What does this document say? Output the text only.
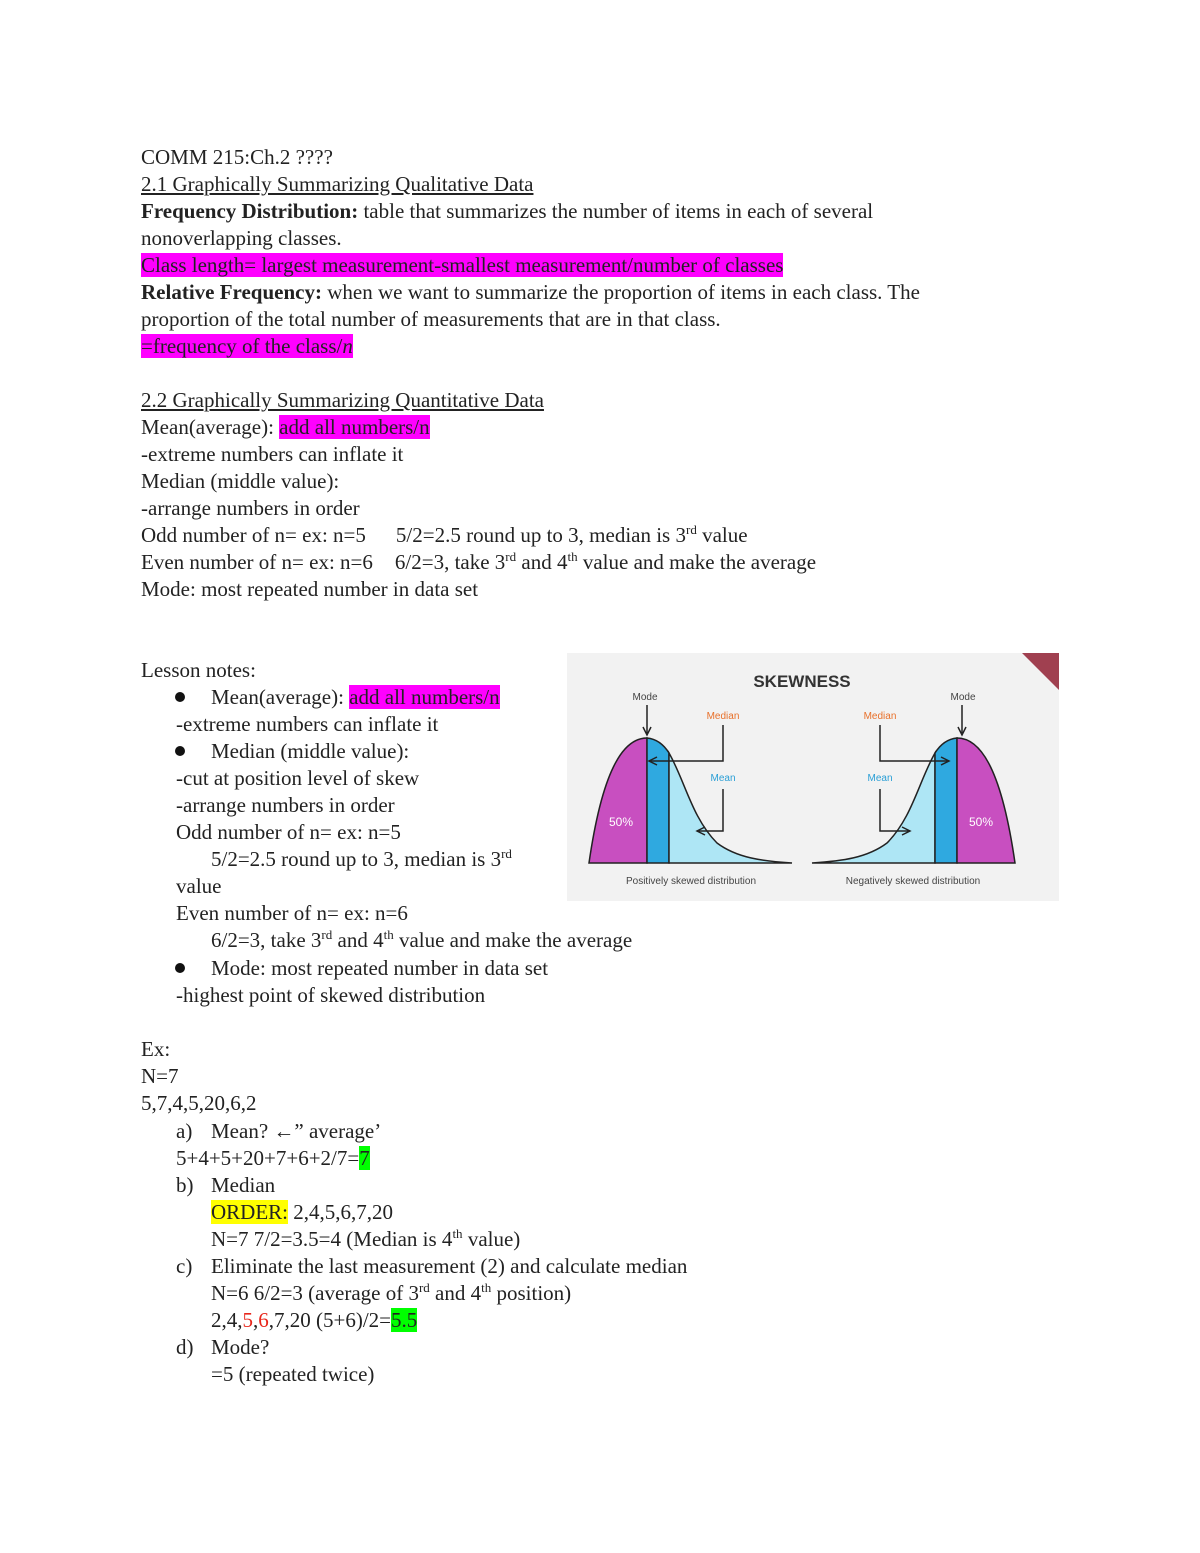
COMM 215:Ch.2 ????
2.1 Graphically Summarizing Qualitative Data
Frequency Distribution: table that summarizes the number of items in each of several
nonoverlapping classes.
Class length= largest measurement-smallest measurement/number of classes
Relative Frequency: when we want to summarize the proportion of items in each class. The
proportion of the total number of measurements that are in that class.
=frequency of the class/n
2.2 Graphically Summarizing Quantitative Data
Mean(average): add all numbers/n
-extreme numbers can inflate it
Median (middle value):
-arrange numbers in order
Odd number of n= ex: n=5 5/2=2.5 round up to 3, median is 3rd value
Even number of n= ex: n=6 6/2=3, take 3rd and 4th value and make the average
Mode: most repeated number in data set
Lesson notes:
Mean(average): add all numbers/n
-extreme numbers can inflate it
Median (middle value):
-cut at position level of skew
-arrange numbers in order
Odd number of n= ex: n=5
5/2=2.5 round up to 3, median is 3rd
value
Even number of n= ex: n=6
6/2=3, take 3rd and 4th value and make the average
Mode: most repeated number in data set
-highest point of skewed distribution
SKEWNESS
Mode
Median
Mean
50%
Positively skewed distribution
Mode
Median
Mean
50%
Negatively skewed distribution
Ex:
N=7
5,7,4,5,20,6,2
a) Mean? ←” average’
5+4+5+20+7+6+2/7=7
b) Median
ORDER: 2,4,5,6,7,20
N=7 7/2=3.5=4 (Median is 4th value)
c) Eliminate the last measurement (2) and calculate median
N=6 6/2=3 (average of 3rd and 4th position)
2,4,5,6,7,20 (5+6)/2=5.5
d) Mode?
=5 (repeated twice)
